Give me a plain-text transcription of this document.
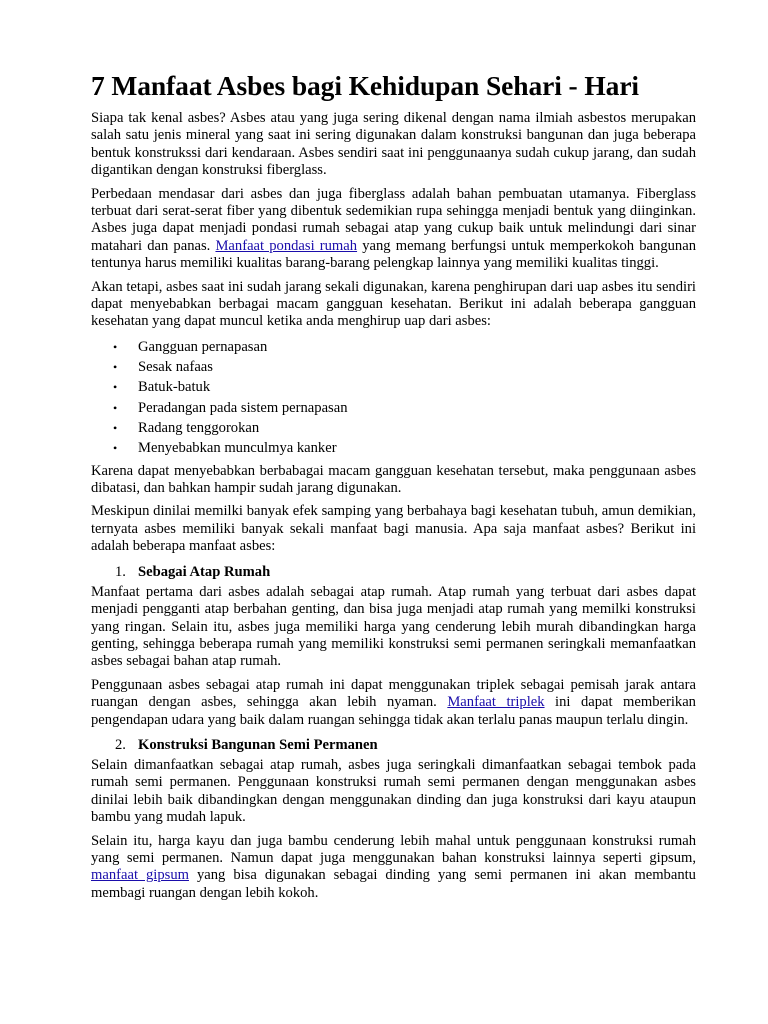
7 Manfaat Asbes bagi Kehidupan Sehari - Hari

Siapa tak kenal asbes? Asbes atau yang juga sering dikenal dengan nama ilmiah asbestos merupakan salah satu jenis mineral yang saat ini sering digunakan dalam konstruksi bangunan dan juga beberapa bentuk konstrukssi dari kendaraan. Asbes sendiri saat ini penggunaanya sudah cukup jarang, dan sudah digantikan dengan konstruksi fiberglass.

Perbedaan mendasar dari asbes dan juga fiberglass adalah bahan pembuatan utamanya. Fiberglass terbuat dari serat-serat fiber yang dibentuk sedemikian rupa sehingga menjadi bentuk yang diinginkan. Asbes juga dapat menjadi pondasi rumah sebagai atap yang cukup baik untuk melindungi dari sinar matahari dan panas. Manfaat pondasi rumah yang memang berfungsi untuk memperkokoh bangunan tentunya harus memiliki kualitas barang-barang pelengkap lainnya yang memiliki kualitas tinggi.

Akan tetapi, asbes saat ini sudah jarang sekali digunakan, karena penghirupan dari uap asbes itu sendiri dapat menyebabkan berbagai macam gangguan kesehatan. Berikut ini adalah beberapa gangguan kesehatan yang dapat muncul ketika anda menghirup uap dari asbes:

• Gangguan pernapasan
• Sesak nafaas
• Batuk-batuk
• Peradangan pada sistem pernapasan
• Radang tenggorokan
• Menyebabkan munculmya kanker

Karena dapat menyebabkan berbabagai macam gangguan kesehatan tersebut, maka penggunaan asbes dibatasi, dan bahkan hampir sudah jarang digunakan.

Meskipun dinilai memilki banyak efek samping yang berbahaya bagi kesehatan tubuh, amun demikian, ternyata asbes memiliki banyak sekali manfaat bagi manusia. Apa saja manfaat asbes? Berikut ini adalah beberapa manfaat asbes:

1. Sebagai Atap Rumah

Manfaat pertama dari asbes adalah sebagai atap rumah. Atap rumah yang terbuat dari asbes dapat menjadi pengganti atap berbahan genting, dan bisa juga menjadi atap rumah yang memilki konstruksi yang ringan. Selain itu, asbes juga memiliki harga yang cenderung lebih murah dibandingkan harga genting, sehingga beberapa rumah yang memiliki konstruksi semi permanen seringkali memanfaatkan asbes sebagai bahan atap rumah.

Penggunaan asbes sebagai atap rumah ini dapat menggunakan triplek sebagai pemisah jarak antara ruangan dengan asbes, sehingga akan lebih nyaman. Manfaat triplek ini dapat memberikan pengendapan udara yang baik dalam ruangan sehingga tidak akan terlalu panas maupun terlalu dingin.

2. Konstruksi Bangunan Semi Permanen

Selain dimanfaatkan sebagai atap rumah, asbes juga seringkali dimanfaatkan sebagai tembok pada rumah semi permanen. Penggunaan konstruksi rumah semi permanen dengan menggunakan asbes dinilai lebih baik dibandingkan dengan menggunakan dinding dan juga konstruksi dari kayu ataupun bambu yang mudah lapuk.

Selain itu, harga kayu dan juga bambu cenderung lebih mahal untuk penggunaan konstruksi rumah yang semi permanen. Namun dapat juga menggunakan bahan konstruksi lainnya seperti gipsum, manfaat gipsum yang bisa digunakan sebagai dinding yang semi permanen ini akan membantu membagi ruangan dengan lebih kokoh.
